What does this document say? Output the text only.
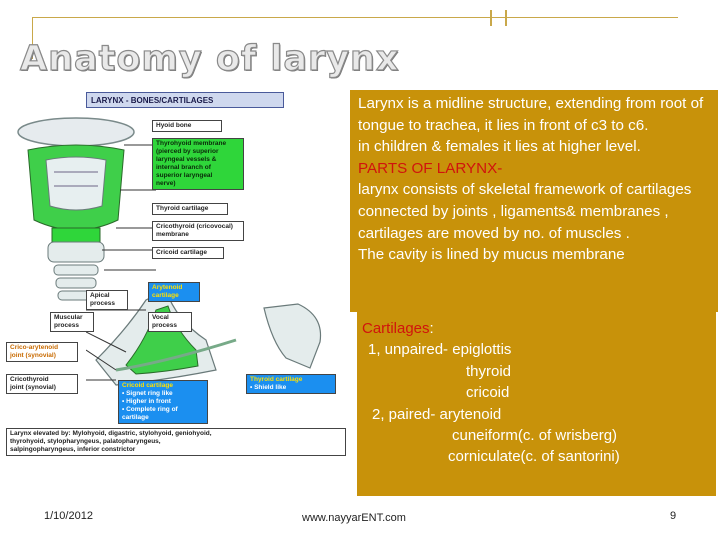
Anatomy of larynx
LARYNX - BONES/CARTILAGES
Hyoid bone
Thyrohyoid membrane
(pierced by superior
laryngeal vessels &
internal branch of
superior laryngeal
nerve)
Thyroid cartilage
Cricothyroid (cricovocal)
membrane
Cricoid cartilage
Apical
process
Arytenoid
cartilage
Muscular
process
Vocal
process
Crico-arytenoid
joint (synovial)
Cricothyroid
joint (synovial)	Cricoid cartilage
• Signet ring like
• Higher in front
• Complete ring of
cartilage
Thyroid cartilage
• Shield like
Larynx elevated by: Mylohyoid, digastric, stylohyoid, geniohyoid,
thyrohyoid, stylopharyngeus, palatopharyngeus,
salpingopharyngeus, inferior constrictor
Larynx is a midline structure, extending from root of tongue to trachea, it lies in front of c3 to c6.
in children & females it lies at higher level.
PARTS OF LARYNX-
larynx consists of skeletal framework of cartilages connected by joints , ligaments& membranes ,
cartilages are moved by no. of muscles .
The cavity is lined by mucus membrane
Cartilages:
1, unpaired- epiglottis
thyroid
cricoid
2, paired- arytenoid
cuneiform(c. of wrisberg)
corniculate(c. of santorini)
1/10/2012	www.nayyarENT.com	9
